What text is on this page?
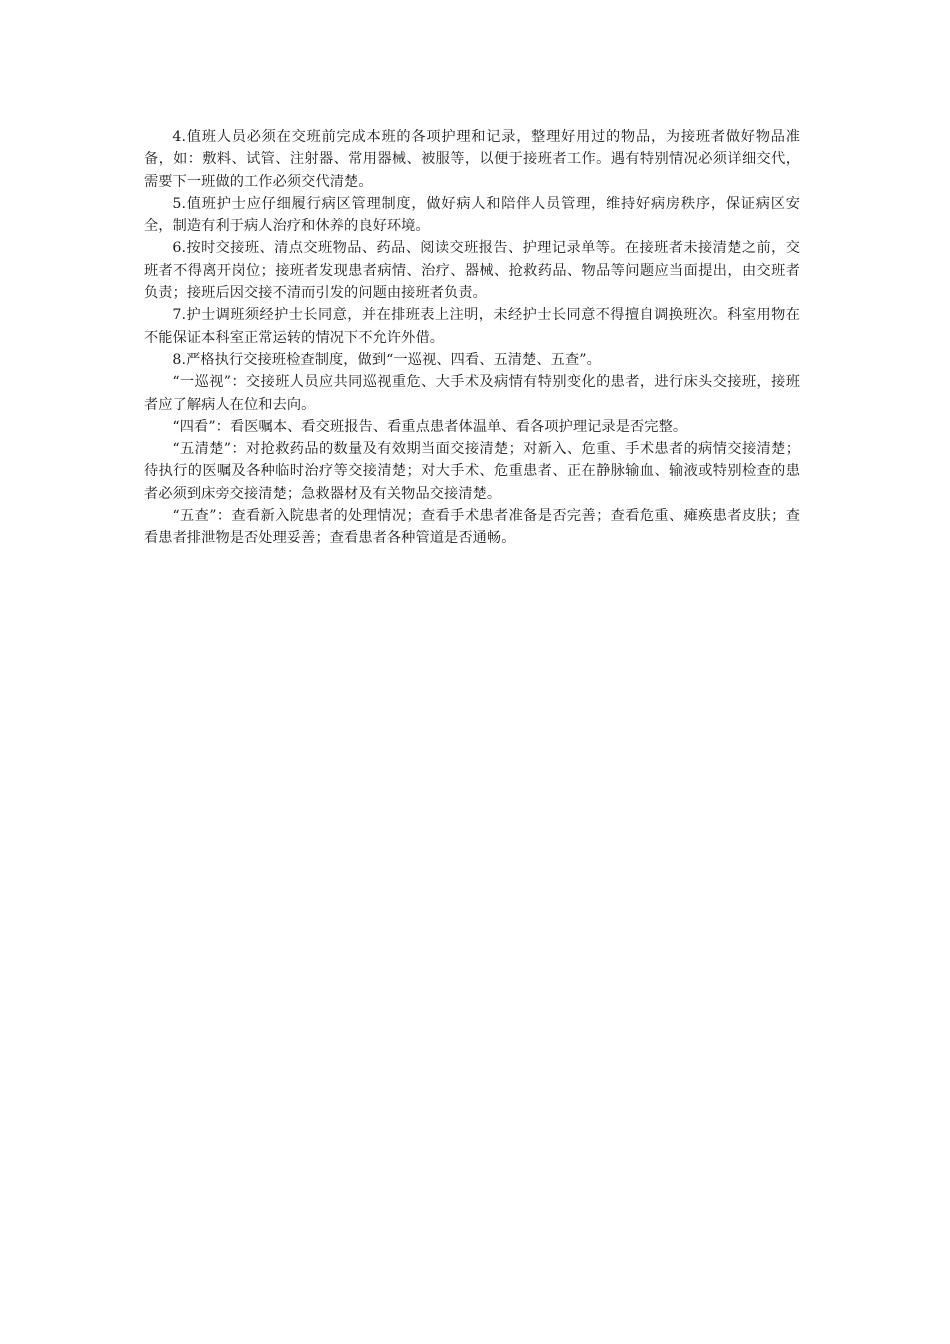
4.值班人员必须在交班前完成本班的各项护理和记录，整理好用过的物品，为接班者做好物品准备，如：敷料、试管、注射器、常用器械、被服等，以便于接班者工作。遇有特别情况必须详细交代，需要下一班做的工作必须交代清楚。

5.值班护士应仔细履行病区管理制度，做好病人和陪伴人员管理，维持好病房秩序，保证病区安全，制造有利于病人治疗和休养的良好环境。

6.按时交接班、清点交班物品、药品、阅读交班报告、护理记录单等。在接班者未接清楚之前，交班者不得离开岗位；接班者发现患者病情、治疗、器械、抢救药品、物品等问题应当面提出，由交班者负责；接班后因交接不清而引发的问题由接班者负责。

7.护士调班须经护士长同意，并在排班表上注明，未经护士长同意不得擅自调换班次。科室用物在不能保证本科室正常运转的情况下不允许外借。

8.严格执行交接班检查制度，做到“一巡视、四看、五清楚、五查”。

“一巡视”：交接班人员应共同巡视重危、大手术及病情有特别变化的患者，进行床头交接班，接班者应了解病人在位和去向。

“四看”：看医嘱本、看交班报告、看重点患者体温单、看各项护理记录是否完整。

“五清楚”：对抢救药品的数量及有效期当面交接清楚；对新入、危重、手术患者的病情交接清楚；待执行的医嘱及各种临时治疗等交接清楚；对大手术、危重患者、正在静脉输血、输液或特别检查的患者必须到床旁交接清楚；急救器材及有关物品交接清楚。

“五查”：查看新入院患者的处理情况；查看手术患者准备是否完善；查看危重、瘫痪患者皮肤；查看患者排泄物是否处理妥善；查看患者各种管道是否通畅。
